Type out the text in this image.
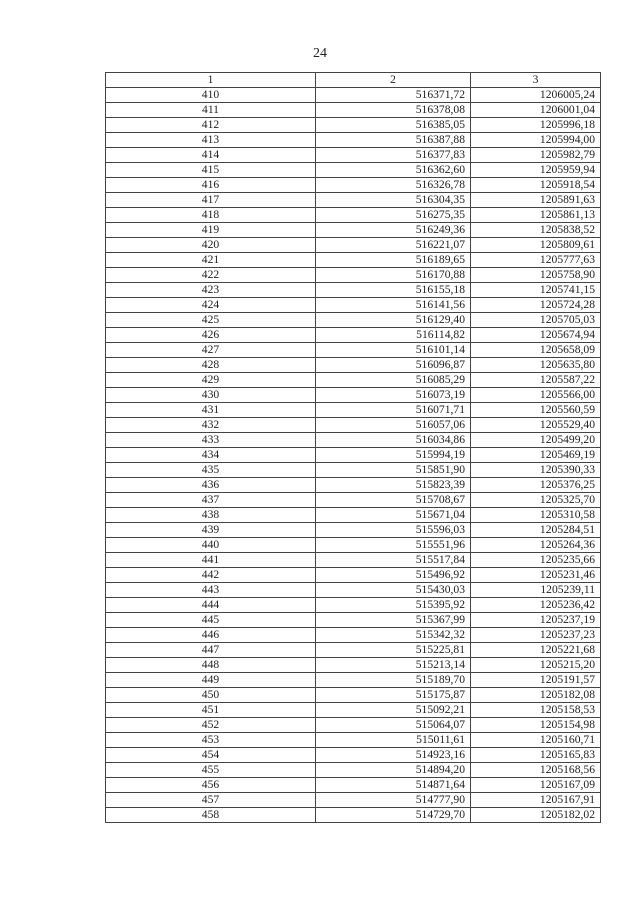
24
1	2	3
410	516371,72	1206005,24
411	516378,08	1206001,04
412	516385,05	1205996,18
413	516387,88	1205994,00
414	516377,83	1205982,79
415	516362,60	1205959,94
416	516326,78	1205918,54
417	516304,35	1205891,63
418	516275,35	1205861,13
419	516249,36	1205838,52
420	516221,07	1205809,61
421	516189,65	1205777,63
422	516170,88	1205758,90
423	516155,18	1205741,15
424	516141,56	1205724,28
425	516129,40	1205705,03
426	516114,82	1205674,94
427	516101,14	1205658,09
428	516096,87	1205635,80
429	516085,29	1205587,22
430	516073,19	1205566,00
431	516071,71	1205560,59
432	516057,06	1205529,40
433	516034,86	1205499,20
434	515994,19	1205469,19
435	515851,90	1205390,33
436	515823,39	1205376,25
437	515708,67	1205325,70
438	515671,04	1205310,58
439	515596,03	1205284,51
440	515551,96	1205264,36
441	515517,84	1205235,66
442	515496,92	1205231,46
443	515430,03	1205239,11
444	515395,92	1205236,42
445	515367,99	1205237,19
446	515342,32	1205237,23
447	515225,81	1205221,68
448	515213,14	1205215,20
449	515189,70	1205191,57
450	515175,87	1205182,08
451	515092,21	1205158,53
452	515064,07	1205154,98
453	515011,61	1205160,71
454	514923,16	1205165,83
455	514894,20	1205168,56
456	514871,64	1205167,09
457	514777,90	1205167,91
458	514729,70	1205182,02
